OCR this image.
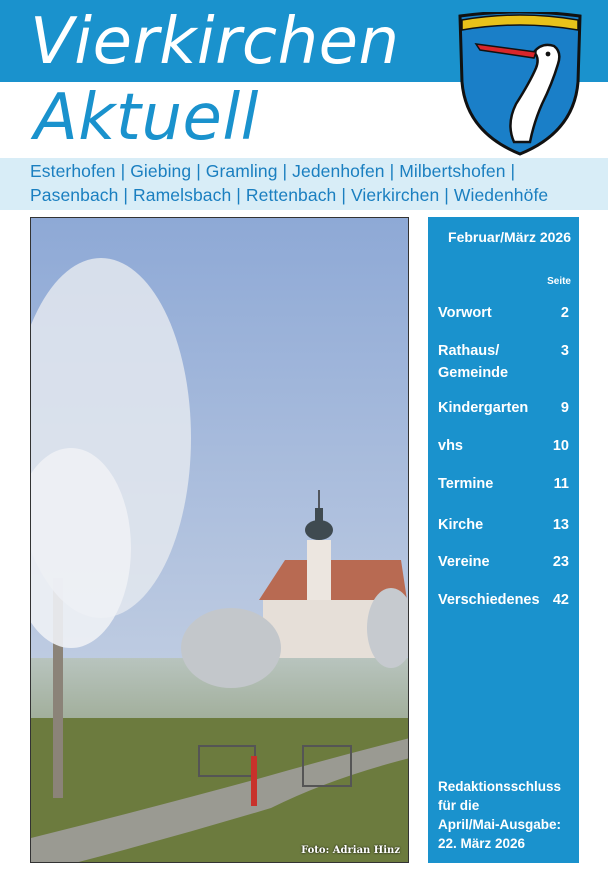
Vierkirchen
Aktuell
Esterhofen | Giebing | Gramling | Jedenhofen | Milbertshofen |
Pasenbach | Ramelsbach | Rettenbach | Vierkirchen | Wiedenhöfe
Foto: Adrian Hinz
Februar/März 2026
Seite
Vorwort	2
Rathaus/
Gemeinde
3
Kindergarten 9
vhs	10
Termine	11
Kirche	13
Vereine	23
Verschiedenes 42
Redaktionsschluss
für die
April/Mai-Ausgabe:
22. März 2026
